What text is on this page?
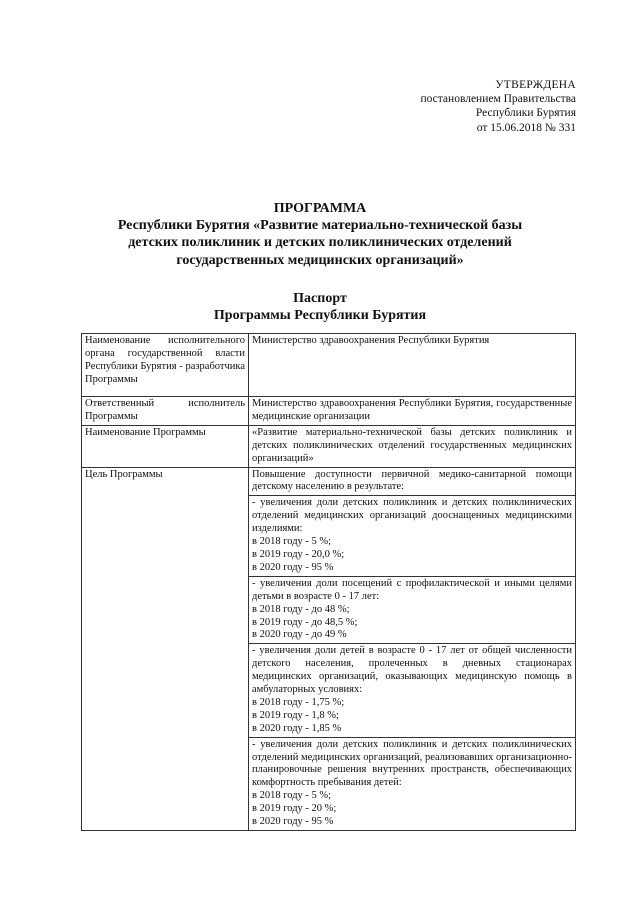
УТВЕРЖДЕНА
постановлением Правительства
Республики Бурятия
от 15.06.2018 № 331
ПРОГРАММА
Республики Бурятия «Развитие материально-технической базы
детских поликлиник и детских поликлинических отделений
государственных медицинских организаций»
Паспорт
Программы Республики Бурятия
Наименование исполнительного органа государственной власти Республики Бурятия - разработчика Программы	Министерство здравоохранения Республики Бурятия
Ответственный исполнитель Программы	Министерство здравоохранения Республики Бурятия, государственные медицинские организации
Наименование Программы	«Развитие материально-технической базы детских поликлиник и детских поликлинических отделений государственных медицинских организаций»
Цель Программы	Повышение доступности первичной медико-санитарной помощи детскому населению в результате:

	- увеличения доли детских поликлиник и детских поликлинических отделений медицинских организаций дооснащенных медицинскими изделиями:
в 2018 году - 5 %;
в 2019 году - 20,0 %;
в 2020 году - 95 %

	- увеличения доли посещений с профилактической и иными целями детьми в возрасте 0 - 17 лет:
в 2018 году - до 48 %;
в 2019 году - до 48,5 %;
в 2020 году - до 49 %

	- увеличения доли детей в возрасте 0 - 17 лет от общей численности детского населения, пролеченных в дневных стационарах медицинских организаций, оказывающих медицинскую помощь в амбулаторных условиях:
в 2018 году - 1,75 %;
в 2019 году - 1,8 %;
в 2020 году - 1,85 %

	- увеличения доли детских поликлиник и детских поликлинических отделений медицинских организаций, реализовавших организационно-планировочные решения внутренних пространств, обеспечивающих комфортность пребывания детей:
в 2018 году - 5 %;
в 2019 году - 20 %;
в 2020 году - 95 %
